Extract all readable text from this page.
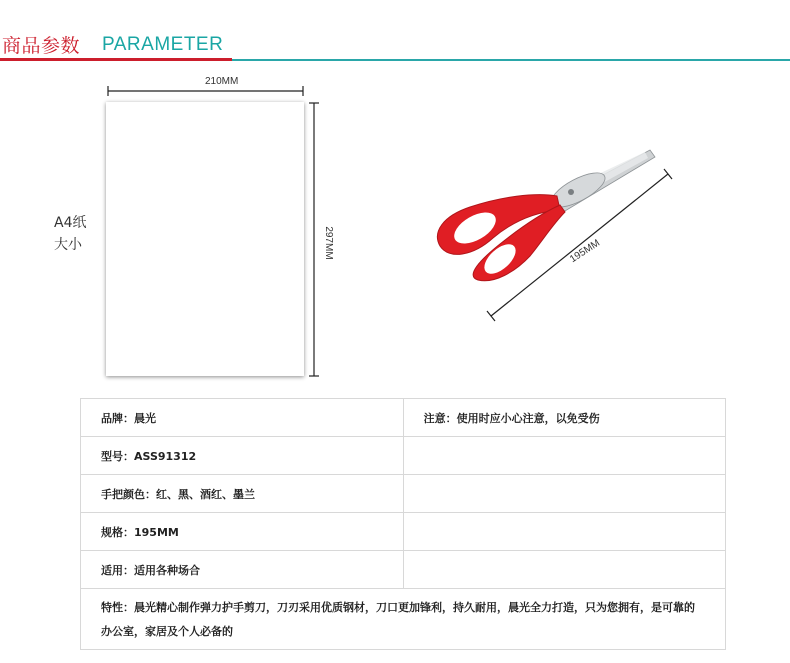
商品参数 PARAMETER
A4纸
大小
210MM
297MM	195MM
品牌：晨光	注意：使用时应小心注意，以免受伤
型号：ASS91312	
手把颜色：红、黑、酒红、墨兰	
规格：195MM	
适用：适用各种场合	
特性：晨光精心制作弹力护手剪刀，刀刃采用优质钢材，刀口更加锋利，持久耐用，晨光全力打造，只为您拥有，是可靠的办公室，家居及个人必备的	
